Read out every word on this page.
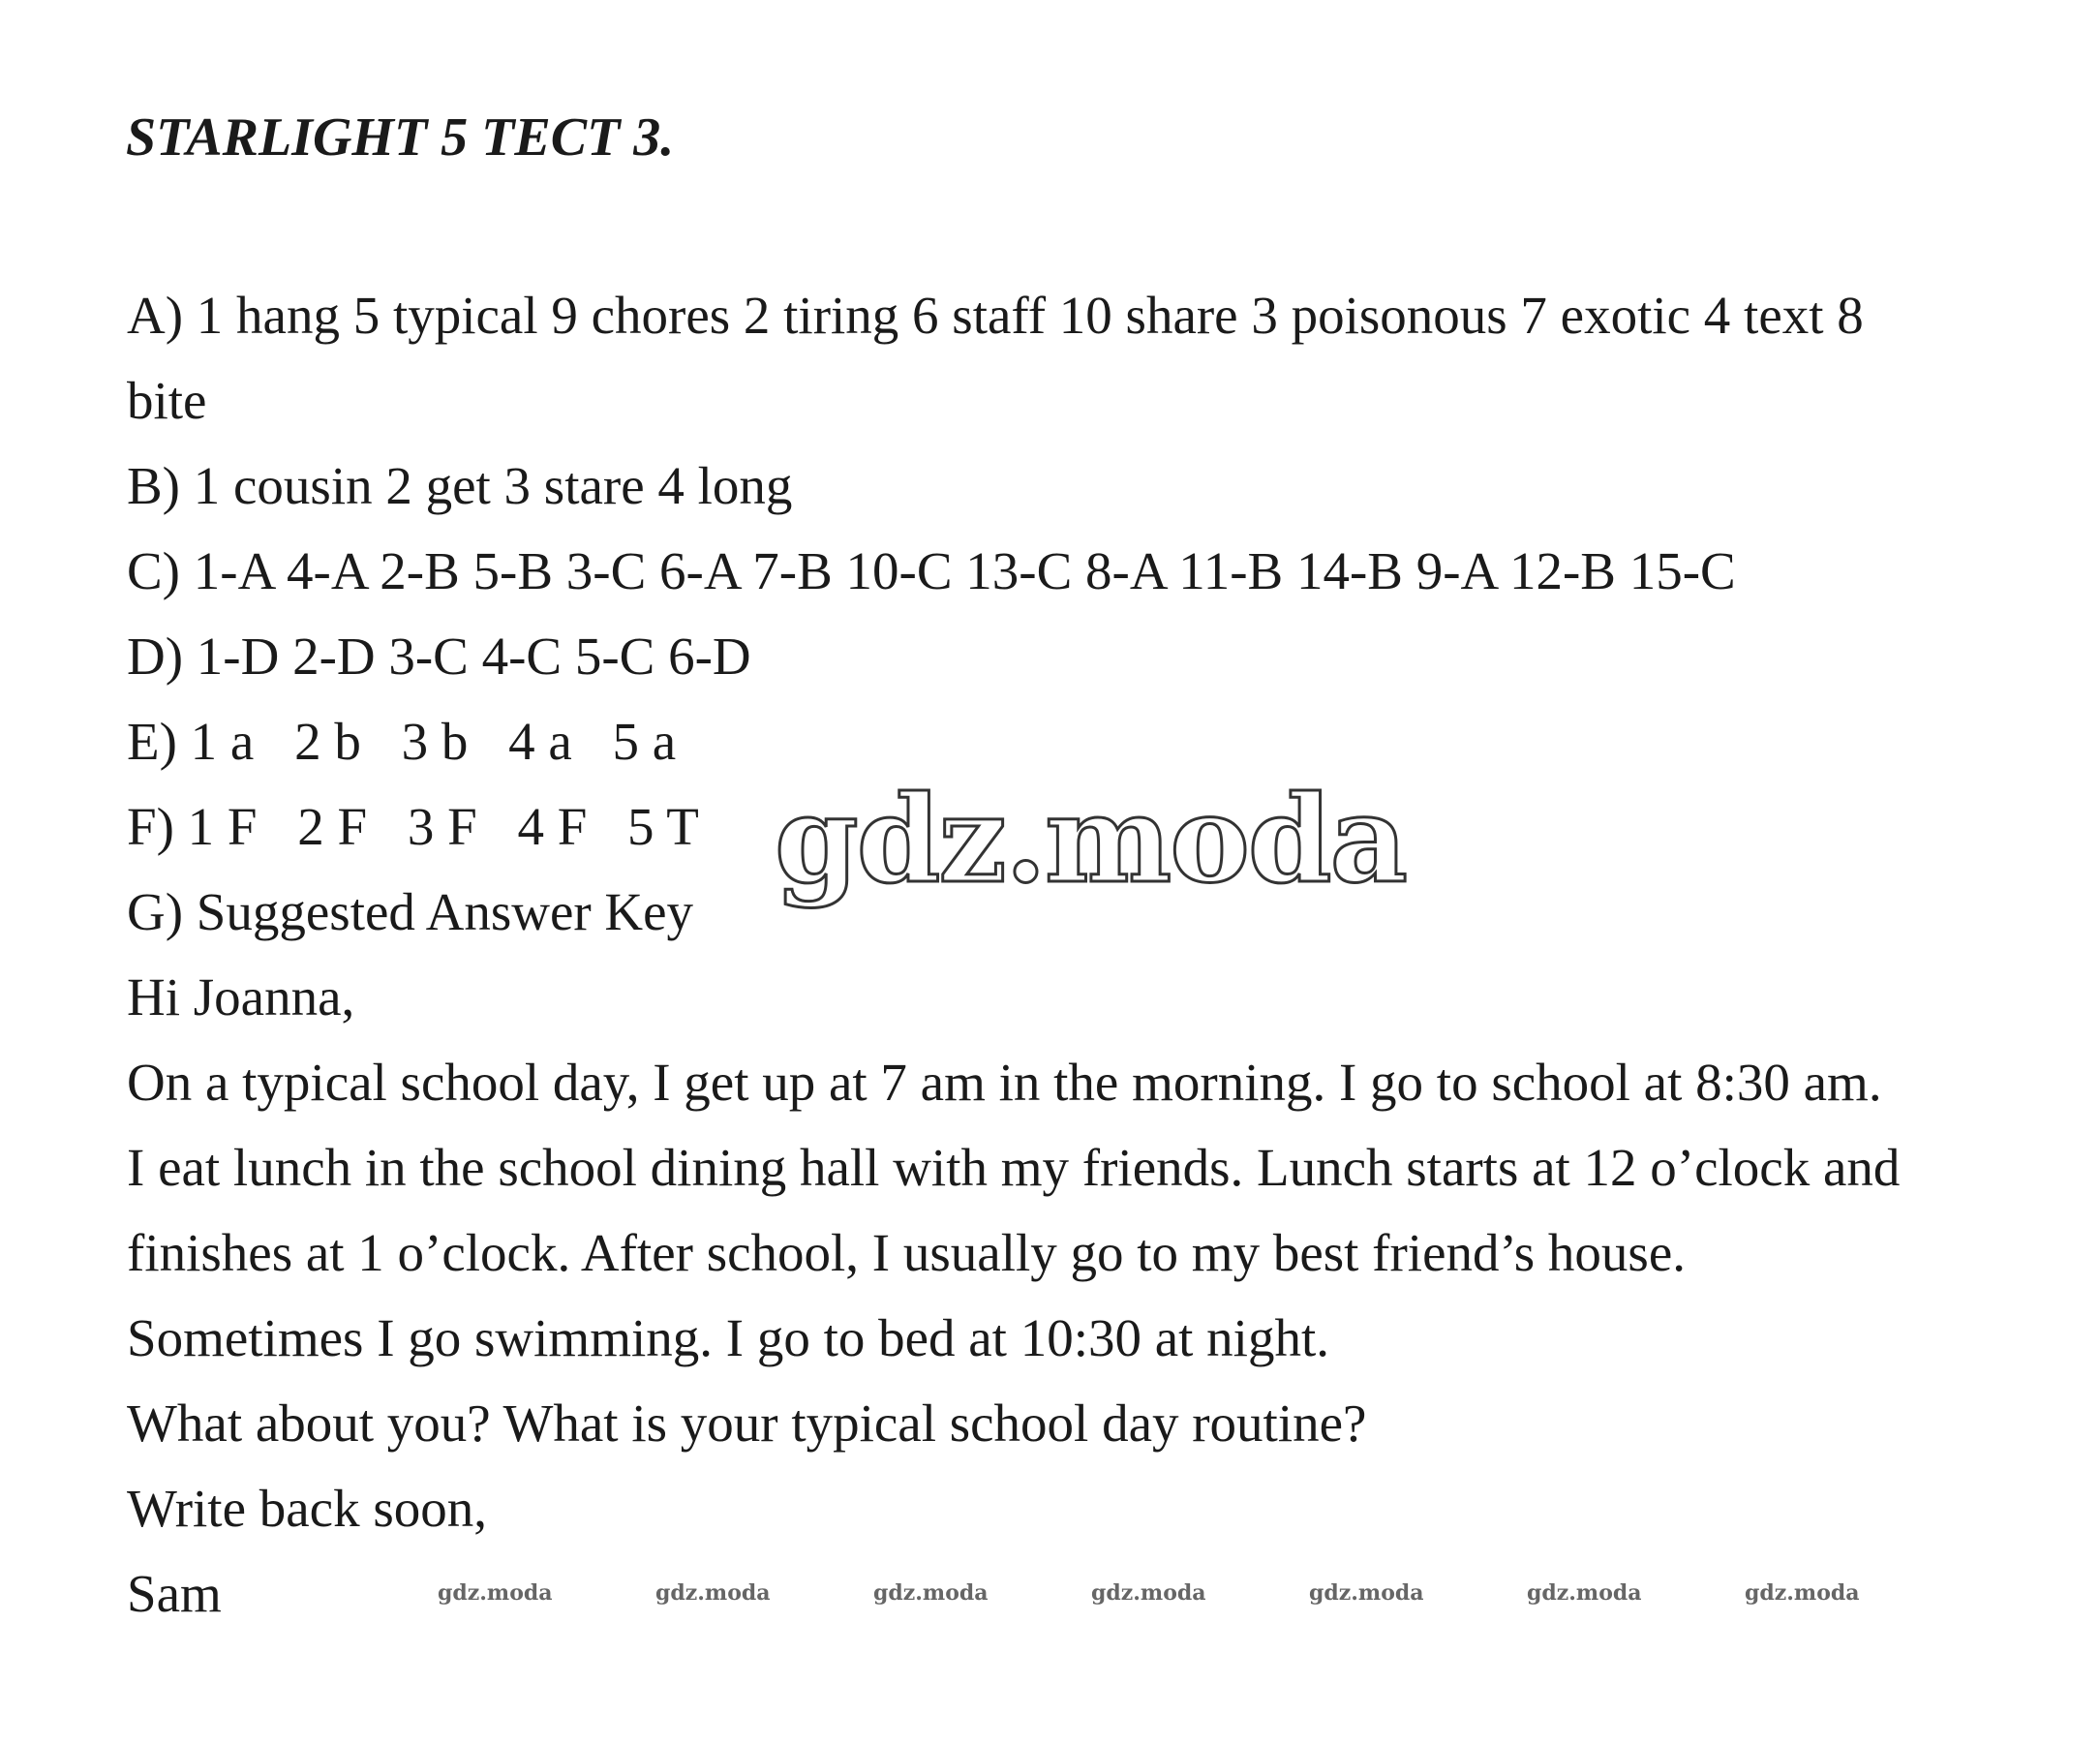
STARLIGHT 5 ТЕСТ 3.
A) 1 hang 5 typical 9 chores 2 tiring 6 staff 10 share 3 poisonous 7 exotic 4 text 8
bite
B) 1 cousin 2 get 3 stare 4 long
C) 1-A 4-A 2-B 5-B 3-C 6-A 7-B 10-C 13-C 8-A 11-B 14-B 9-A 12-B 15-C
D) 1-D 2-D 3-C 4-C 5-C 6-D
E) 1 a 2 b 3 b 4 a 5 a
F) 1 F 2 F 3 F 4 F 5 T
G) Suggested Answer Key
Hi Joanna,
On a typical school day, I get up at 7 am in the morning. I go to school at 8:30 am.
I eat lunch in the school dining hall with my friends. Lunch starts at 12 o’clock and
finishes at 1 o’clock. After school, I usually go to my best friend’s house.
Sometimes I go swimming. I go to bed at 10:30 at night.
What about you? What is your typical school day routine?
Write back soon,
Sam
gdz.moda
gdz.moda	gdz.moda	gdz.moda	gdz.moda	gdz.moda	gdz.moda	gdz.moda
